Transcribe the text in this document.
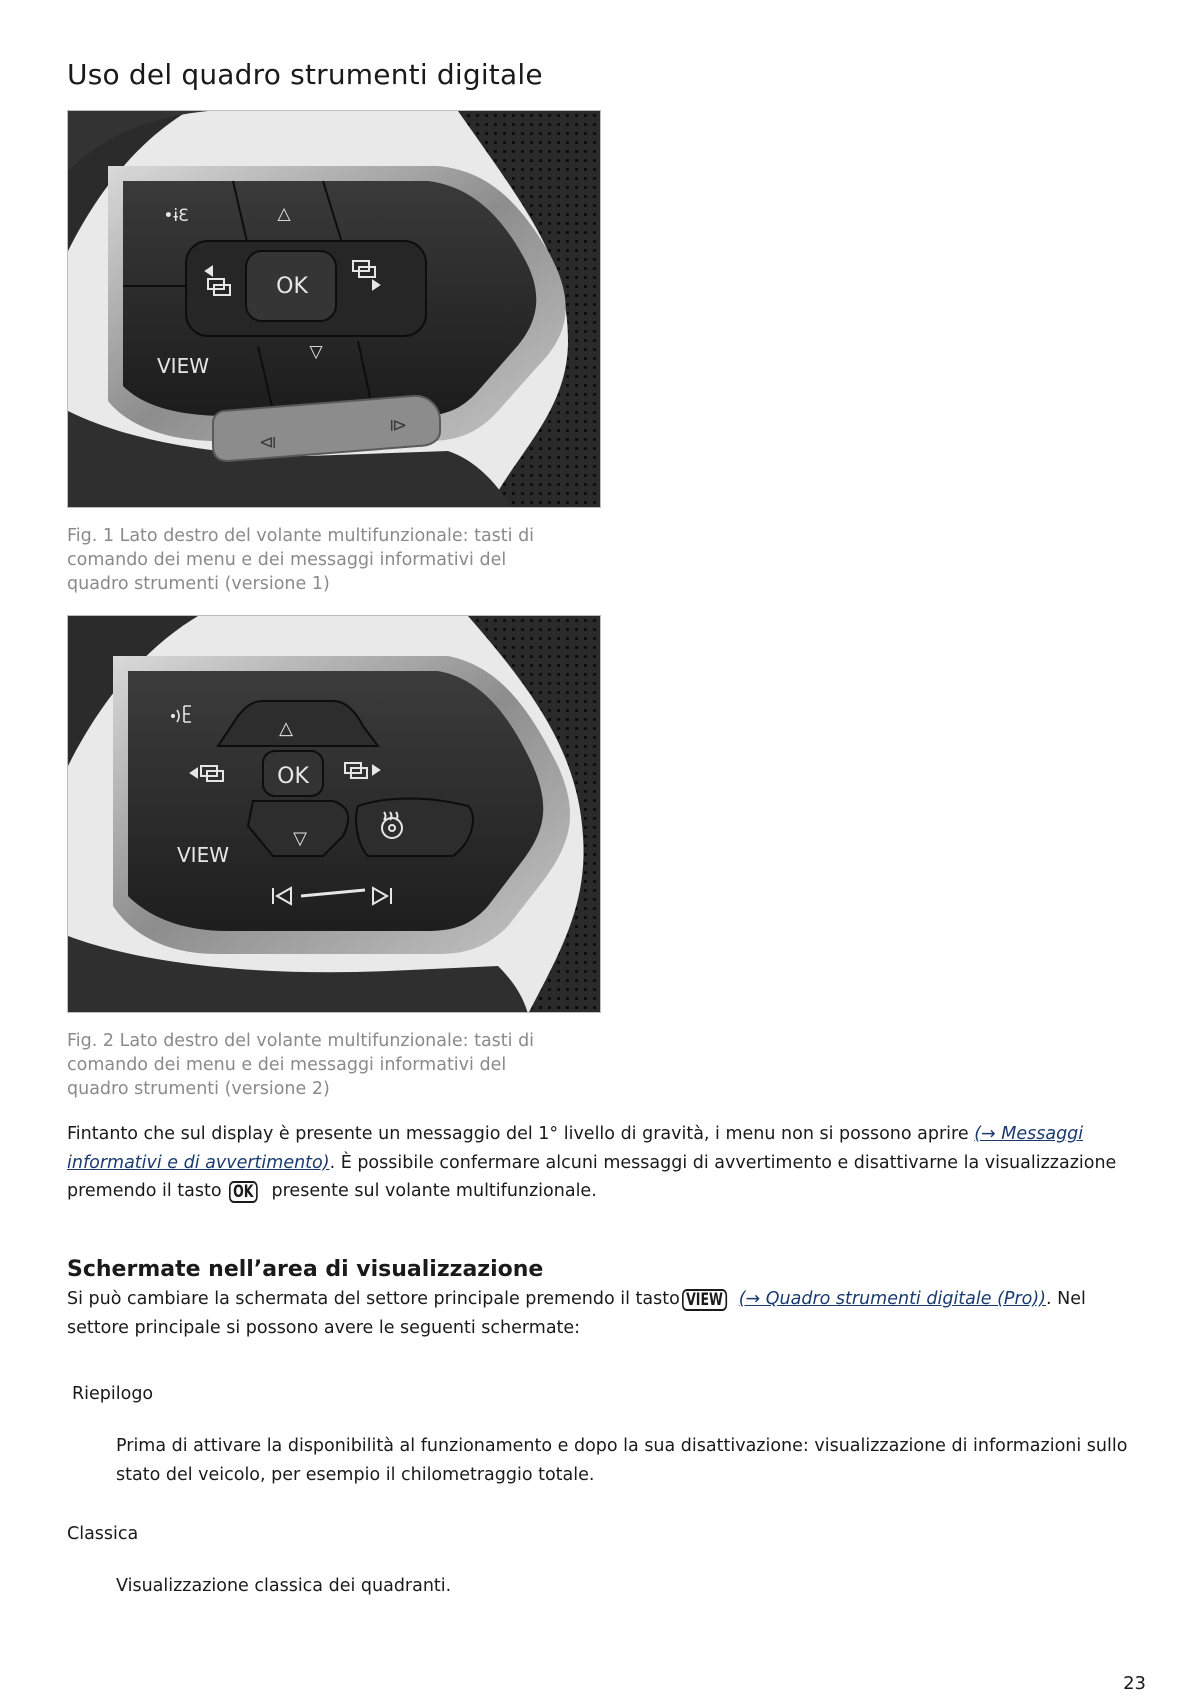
Uso del quadro strumenti digitale
•ɨƐ	△
OK
▽
VIEW
⧏
⧐
Fig. 1 Lato destro del volante multifunzionale: tasti di comando dei menu e dei messaggi informativi del quadro strumenti (versione 1)
△
OK
▽
VIEW
Fig. 2 Lato destro del volante multifunzionale: tasti di comando dei menu e dei messaggi informativi del quadro strumenti (versione 2)

Fintanto che sul display è presente un messaggio del 1° livello di gravità, i menu non si possono aprire (→ Messaggi informativi e di avvertimento). È possibile confermare alcuni messaggi di avvertimento e disattivarne la visualizzazione premendo il tasto OK presente sul volante multifunzionale.

Schermate nell’area di visualizzazione

Si può cambiare la schermata del settore principale premendo il tasto VIEW (→ Quadro strumenti digitale (Pro)). Nel settore principale si possono avere le seguenti schermate:

Riepilogo
Prima di attivare la disponibilità al funzionamento e dopo la sua disattivazione: visualizzazione di informazioni sullo stato del veicolo, per esempio il chilometraggio totale.
Classica
Visualizzazione classica dei quadranti.
23
